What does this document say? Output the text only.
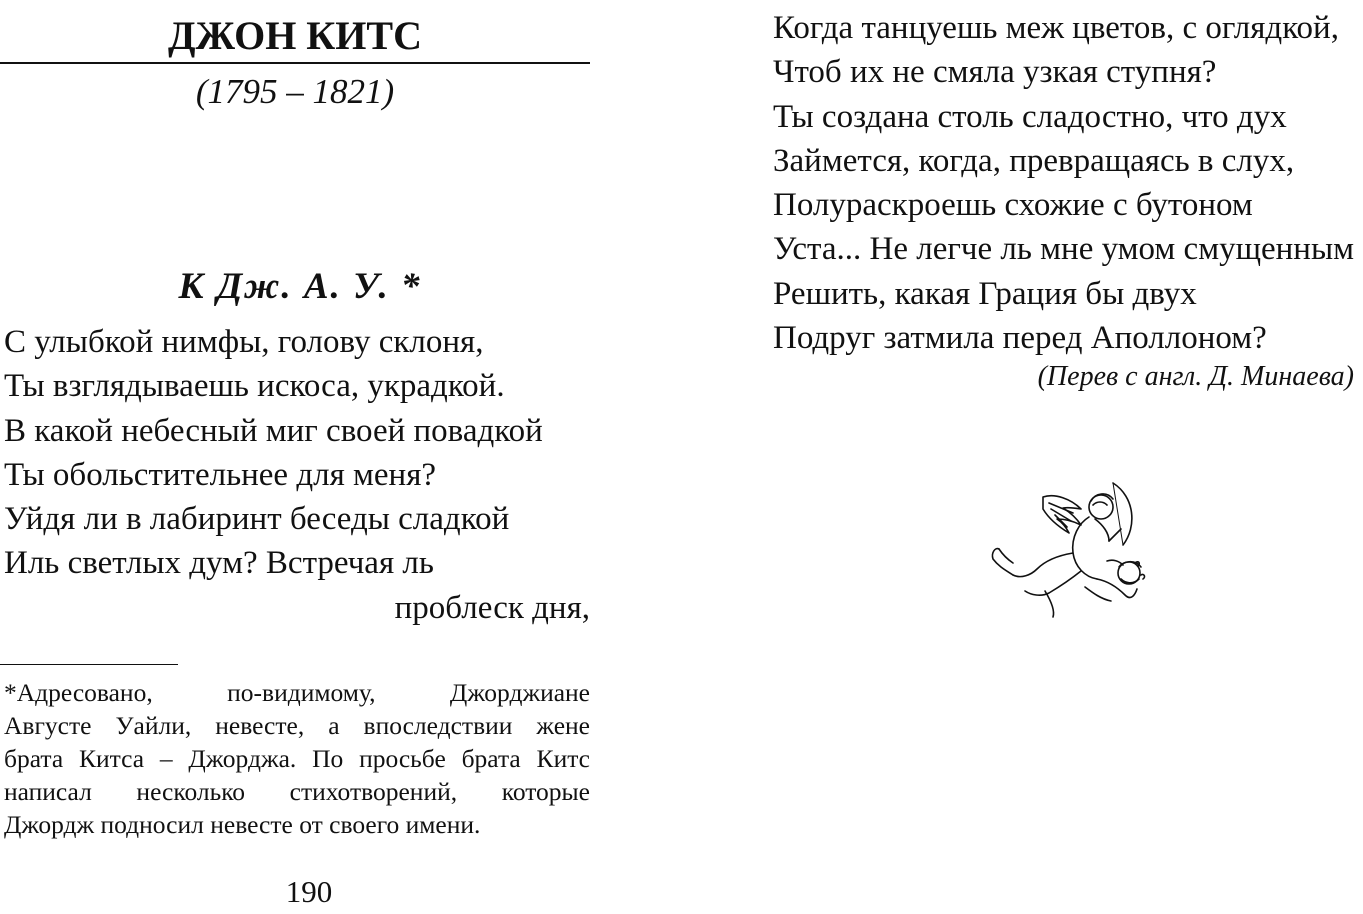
ДЖОН КИТС
(1795 – 1821)
К Дж. А. У. *
С улыбкой нимфы, голову склоня,
Ты взглядываешь искоса, украдкой.
В какой небесный миг своей повадкой
Ты обольстительнее для меня?
Уйдя ли в лабиринт беседы сладкой
Иль светлых дум? Встречая ль
проблеск дня,
*Адресовано, по-видимому, Джорджиане
Августе Уайли, невесте, а впоследствии жене
брата Китса – Джорджа. По просьбе брата Китс
написал несколько стихотворений, которые
Джордж подносил невесте от своего имени.
190
Когда танцуешь меж цветов, с оглядкой,
Чтоб их не смяла узкая ступня?
Ты создана столь сладостно, что дух
Займется, когда, превращаясь в слух,
Полураскроешь схожие с бутоном
Уста... Не легче ль мне умом смущенным
Решить, какая Грация бы двух
Подруг затмила перед Аполлоном?
(Перев с англ. Д. Минаева)
